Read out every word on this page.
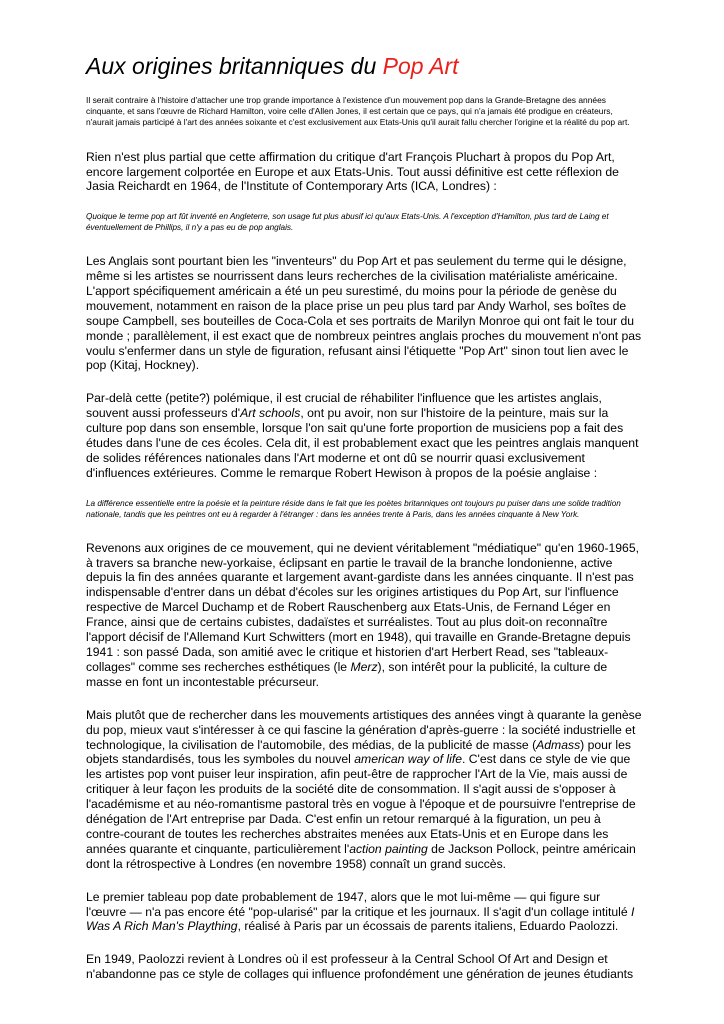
Aux origines britanniques du Pop Art

Il serait contraire à l'histoire d'attacher une trop grande importance à l'existence d'un mouvement pop dans la Grande-Bretagne des années cinquante, et sans l'œuvre de Richard Hamilton, voire celle d'Allen Jones, il est certain que ce pays, qui n'a jamais été prodigue en créateurs, n'aurait jamais participé à l'art des années soixante et c'est exclusivement aux Etats-Unis qu'il aurait fallu chercher l'origine et la réalité du pop art.

Rien n'est plus partial que cette affirmation du critique d'art François Pluchart à propos du Pop Art, encore largement colportée en Europe et aux Etats-Unis. Tout aussi définitive est cette réflexion de Jasia Reichardt en 1964, de l'Institute of Contemporary Arts (ICA, Londres) :

Quoique le terme pop art fût inventé en Angleterre, son usage fut plus abusif ici qu'aux Etats-Unis. A l'exception d'Hamilton, plus tard de Laing et éventuellement de Phillips, il n'y a pas eu de pop anglais.

Les Anglais sont pourtant bien les "inventeurs" du Pop Art et pas seulement du terme qui le désigne, même si les artistes se nourrissent dans leurs recherches de la civilisation matérialiste américaine. L'apport spécifiquement américain a été un peu surestimé, du moins pour la période de genèse du mouvement, notamment en raison de la place prise un peu plus tard par Andy Warhol, ses boîtes de soupe Campbell, ses bouteilles de Coca-Cola et ses portraits de Marilyn Monroe qui ont fait le tour du monde ; parallèlement, il est exact que de nombreux peintres anglais proches du mouvement n'ont pas voulu s'enfermer dans un style de figuration, refusant ainsi l'étiquette "Pop Art" sinon tout lien avec le pop (Kitaj, Hockney).

Par-delà cette (petite?) polémique, il est crucial de réhabiliter l'influence que les artistes anglais, souvent aussi professeurs d'Art schools, ont pu avoir, non sur l'histoire de la peinture, mais sur la culture pop dans son ensemble, lorsque l'on sait qu'une forte proportion de musiciens pop a fait des études dans l'une de ces écoles. Cela dit, il est probablement exact que les peintres anglais manquent de solides références nationales dans l'Art moderne et ont dû se nourrir quasi exclusivement d'influences extérieures. Comme le remarque Robert Hewison à propos de la poésie anglaise :

La différence essentielle entre la poésie et la peinture réside dans le fait que les poètes britanniques ont toujours pu puiser dans une solide tradition nationale, tandis que les peintres ont eu à regarder à l'étranger : dans les années trente à Paris, dans les années cinquante à New York.

Revenons aux origines de ce mouvement, qui ne devient véritablement "médiatique" qu'en 1960-1965, à travers sa branche new-yorkaise, éclipsant en partie le travail de la branche londonienne, active depuis la fin des années quarante et largement avant-gardiste dans les années cinquante. Il n'est pas indispensable d'entrer dans un débat d'écoles sur les origines artistiques du Pop Art, sur l'influence respective de Marcel Duchamp et de Robert Rauschenberg aux Etats-Unis, de Fernand Léger en France, ainsi que de certains cubistes, dadaïstes et surréalistes. Tout au plus doit-on reconnaître l'apport décisif de l'Allemand Kurt Schwitters (mort en 1948), qui travaille en Grande-Bretagne depuis 1941 : son passé Dada, son amitié avec le critique et historien d'art Herbert Read, ses "tableaux-collages" comme ses recherches esthétiques (le Merz), son intérêt pour la publicité, la culture de masse en font un incontestable précurseur.

Mais plutôt que de rechercher dans les mouvements artistiques des années vingt à quarante la genèse du pop, mieux vaut s'intéresser à ce qui fascine la génération d'après-guerre : la société industrielle et technologique, la civilisation de l'automobile, des médias, de la publicité de masse (Admass) pour les objets standardisés, tous les symboles du nouvel american way of life. C'est dans ce style de vie que les artistes pop vont puiser leur inspiration, afin peut-être de rapprocher l'Art de la Vie, mais aussi de critiquer à leur façon les produits de la société dite de consommation. Il s'agit aussi de s'opposer à l'académisme et au néo-romantisme pastoral très en vogue à l'époque et de poursuivre l'entreprise de dénégation de l'Art entreprise par Dada. C'est enfin un retour remarqué à la figuration, un peu à contre-courant de toutes les recherches abstraites menées aux Etats-Unis et en Europe dans les années quarante et cinquante, particulièrement l'action painting de Jackson Pollock, peintre américain dont la rétrospective à Londres (en novembre 1958) connaît un grand succès.

Le premier tableau pop date probablement de 1947, alors que le mot lui-même — qui figure sur l'œuvre — n'a pas encore été "pop-ularisé" par la critique et les journaux. Il s'agit d'un collage intitulé I Was A Rich Man's Plaything, réalisé à Paris par un écossais de parents italiens, Eduardo Paolozzi.

En 1949, Paolozzi revient à Londres où il est professeur à la Central School Of Art and Design et n'abandonne pas ce style de collages qui influence profondément une génération de jeunes étudiants
